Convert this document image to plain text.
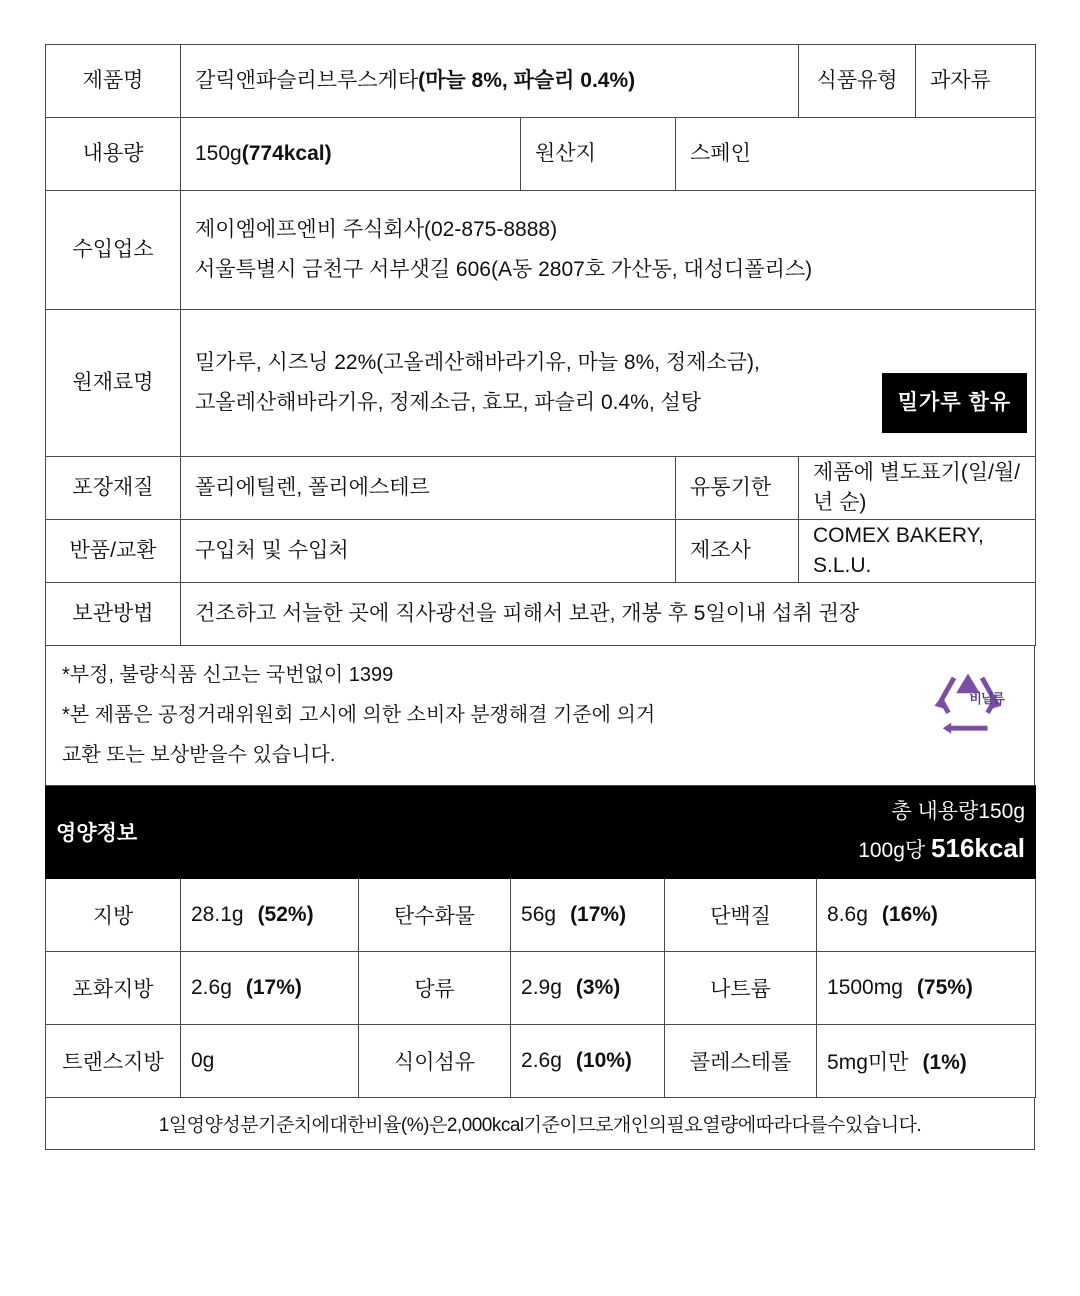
제품명	갈릭앤파슬리브루스게타(마늘 8%, 파슬리 0.4%)			식품유형	과자류
내용량	150g(774kcal)	원산지	스페인		
수입업소	제이엠에프엔비 주식회사(02-875-8888)
서울특별시 금천구 서부샛길 606(A동 2807호 가산동, 대성디폴리스)				

원재료명	밀가루, 시즈닝 22%(고올레산해바라기유, 마늘 8%, 정제소금),
고올레산해바라기유, 정제소금, 효모, 파슬리 0.4%, 설탕 밀가루 함유				

포장재질	폴리에틸렌, 폴리에스테르		유통기한	제품에 별도표기(일/월/년 순)	
반품/교환	구입처 및 수입처		제조사	COMEX BAKERY, S.L.U.	
보관방법	건조하고 서늘한 곳에 직사광선을 피해서 보관, 개봉 후 5일이내 섭취 권장				

*부정, 불량식품 신고는 국번없이 1399

*본 제품은 공정거래위원회 고시에 의한 소비자 분쟁해결 기준에 의거

교환 또는 보상받을수 있습니다.

비닐류
영양정보			총 내용량150g
100g당 516kcal		

지방	28.1g (52%)	탄수화물	56g (17%)	단백질	8.6g (16%)
포화지방	2.6g (17%)	당류	2.9g (3%)	나트륨	1500mg (75%)
트랜스지방	0g	식이섬유	2.6g (10%)	콜레스테롤	5mg미만 (1%)
1일영양성분기준치에대한비율(%)은2,000kcal기준이므로개인의필요열량에따라다를수있습니다.
